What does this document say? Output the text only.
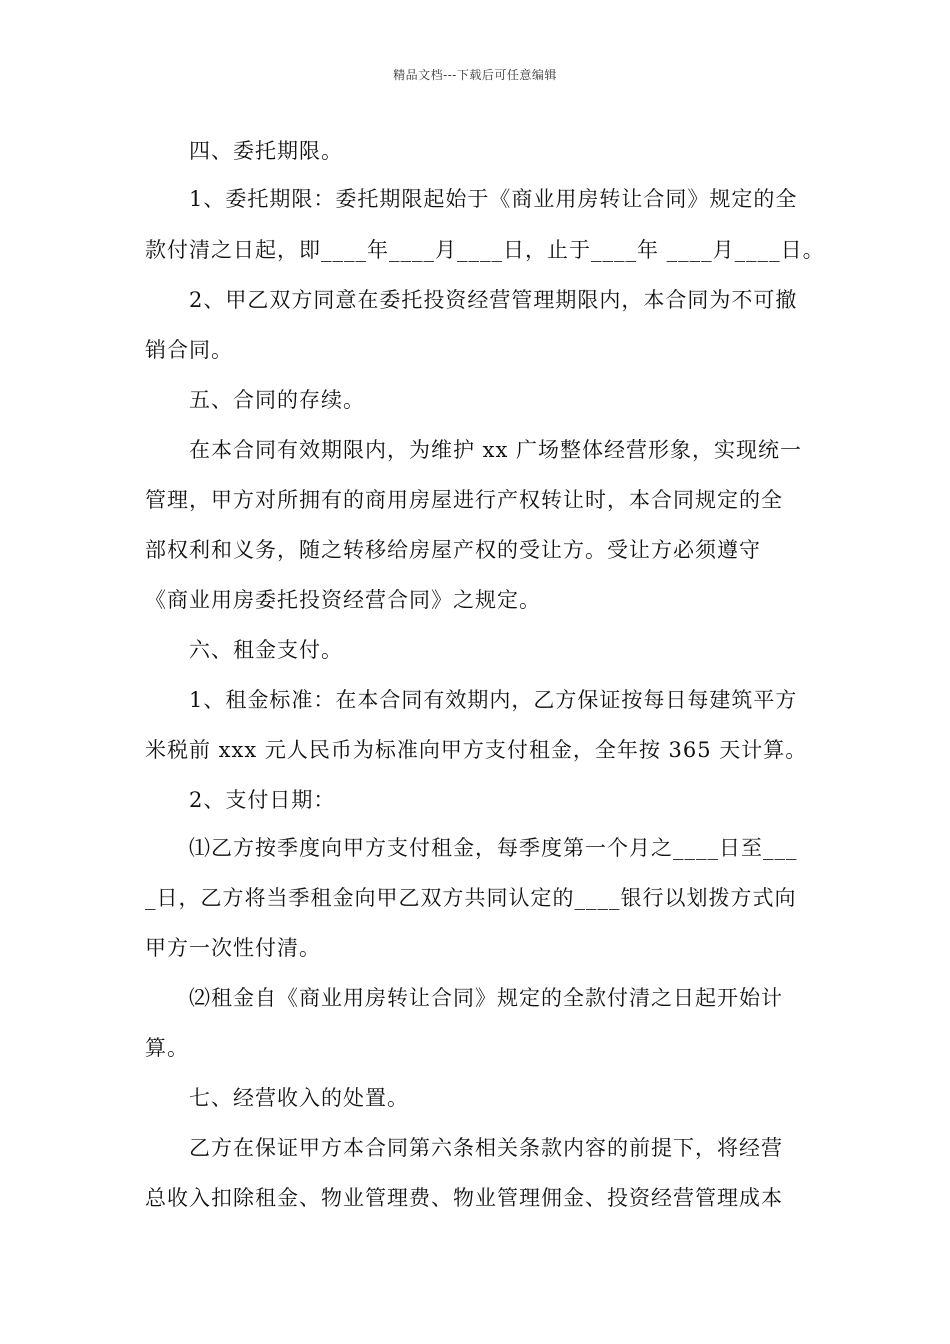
精品文档---下载后可任意编辑
四、委托期限。
1、委托期限：委托期限起始于《商业用房转让合同》规定的全
款付清之日起，即____年____月____日，止于____年 ____月____日。
2、甲乙双方同意在委托投资经营管理期限内，本合同为不可撤
销合同。
五、合同的存续。
在本合同有效期限内，为维护 xx 广场整体经营形象，实现统一
管理，甲方对所拥有的商用房屋进行产权转让时，本合同规定的全
部权利和义务，随之转移给房屋产权的受让方。受让方必须遵守
《商业用房委托投资经营合同》之规定。
六、租金支付。
1、租金标准：在本合同有效期内，乙方保证按每日每建筑平方
米税前 xxx 元人民币为标准向甲方支付租金，全年按 365 天计算。
2、支付日期：
⑴乙方按季度向甲方支付租金，每季度第一个月之____日至___
_日，乙方将当季租金向甲乙双方共同认定的____银行以划拨方式向
甲方一次性付清。
⑵租金自《商业用房转让合同》规定的全款付清之日起开始计
算。
七、经营收入的处置。
乙方在保证甲方本合同第六条相关条款内容的前提下，将经营
总收入扣除租金、物业管理费、物业管理佣金、投资经营管理成本
